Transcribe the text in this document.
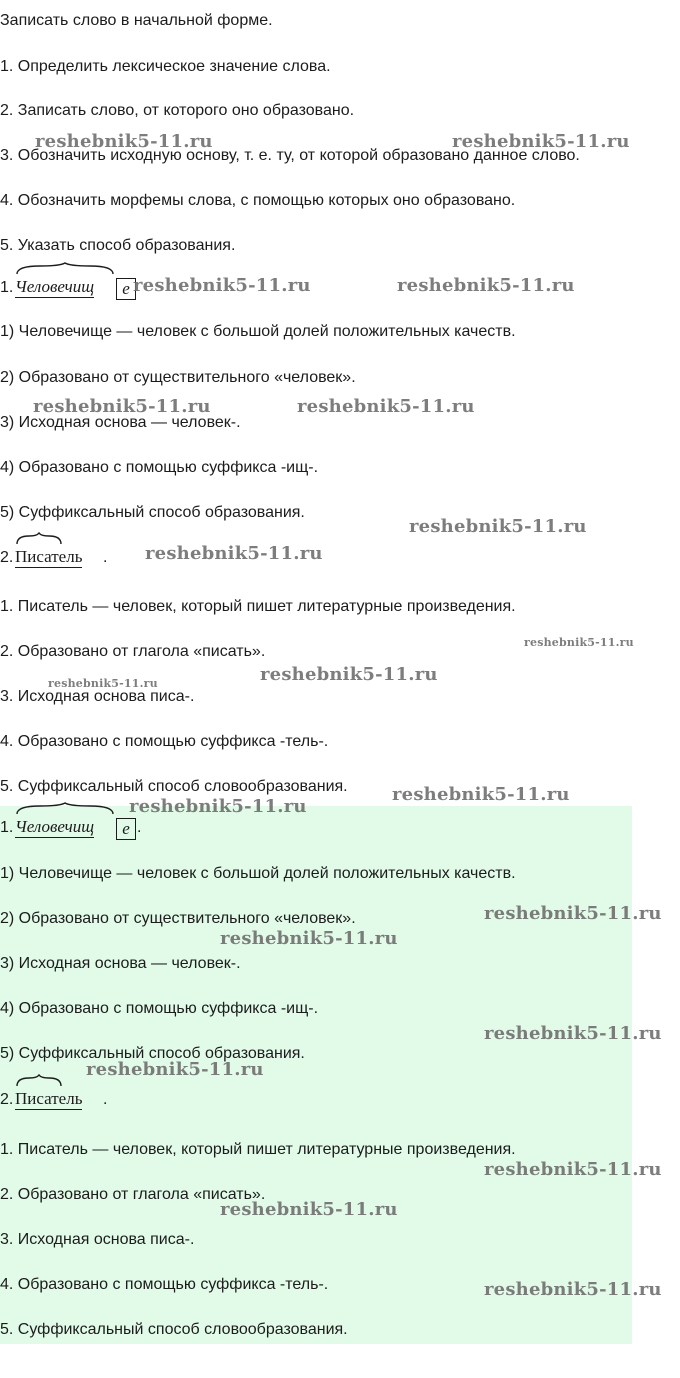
Записать слово в начальной форме.
1. Определить лексическое значение слова.
2. Записать слово, от которого оно образовано.
3. Обозначить исходную основу, т. е. ту, от которой образовано данное слово.
4. Обозначить морфемы слова, с помощью которых оно образовано.
5. Указать способ образования.
1. Человечищ	е
1) Человечище — человек с большой долей положительных качеств.
2) Образовано от существительного «человек».
3) Исходная основа — человек-.
4) Образовано с помощью суффикса -ищ-.
5) Суффиксальный способ образования.
2. Писатель .
1. Писатель — человек, который пишет литературные произведения.
2. Образовано от глагола «писать».
3. Исходная основа писа-.
4. Образовано с помощью суффикса -тель-.
5. Суффиксальный способ словообразования.
1. Человечищ	е .
1) Человечище — человек с большой долей положительных качеств.
2) Образовано от существительного «человек».
3) Исходная основа — человек-.
4) Образовано с помощью суффикса -ищ-.
5) Суффиксальный способ образования.
2. Писатель .
1. Писатель — человек, который пишет литературные произведения.
2. Образовано от глагола «писать».
3. Исходная основа писа-.
4. Образовано с помощью суффикса -тель-.
5. Суффиксальный способ словообразования.
reshebnik5-11.ru	reshebnik5-11.ru
reshebnik5-11.ru	reshebnik5-11.ru
reshebnik5-11.ru	reshebnik5-11.ru
reshebnik5-11.ru
reshebnik5-11.ru
reshebnik5-11.ru
reshebnik5-11.ru	reshebnik5-11.ru
reshebnik5-11.ru
reshebnik5-11.ru
reshebnik5-11.ru
reshebnik5-11.ru
reshebnik5-11.ru
reshebnik5-11.ru
reshebnik5-11.ru
reshebnik5-11.ru
reshebnik5-11.ru
